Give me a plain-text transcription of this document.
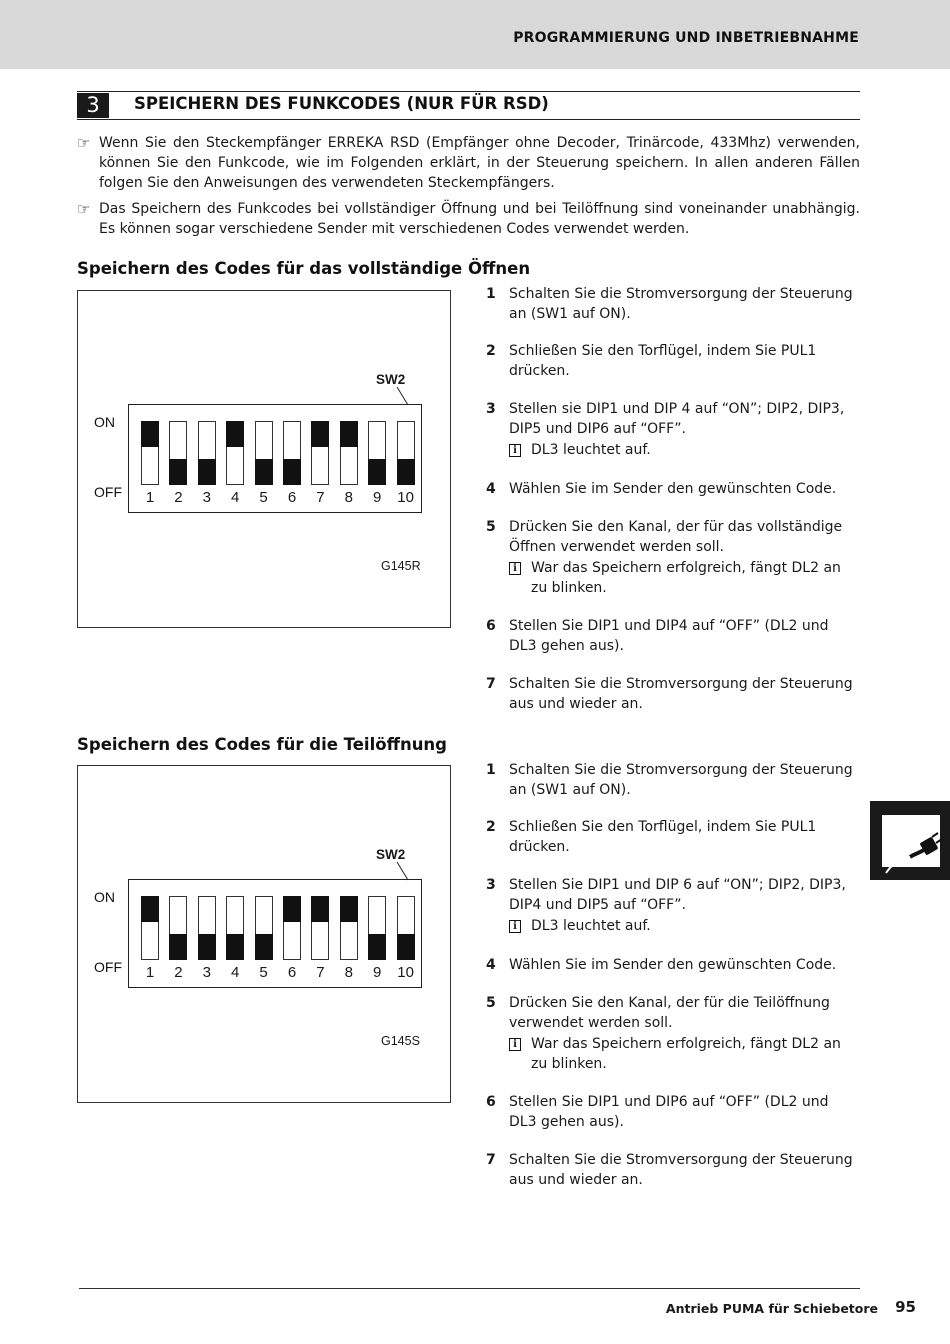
PROGRAMMIERUNG UND INBETRIEBNAHME
3	SPEICHERN DES FUNKCODES (NUR FÜR RSD)
☞ Wenn Sie den Steckempfänger ERREKA RSD (Empfänger ohne Decoder, Trinärcode, 433Mhz) verwenden, können Sie den Funkcode, wie im Folgenden erklärt, in der Steuerung speichern. In allen anderen Fällen folgen Sie den Anweisungen des verwendeten Steckempfängers.
☞ Das Speichern des Funkcodes bei vollständiger Öffnung und bei Teilöffnung sind voneinander unabhängig. Es können sogar verschiedene Sender mit verschiedenen Codes verwendet werden.
Speichern des Codes für das vollständige Öffnen
SW2
ON
OFF	1	2	3	4	5	6	7	8	9	10
G145R
1 Schalten Sie die Stromversorgung der Steuerung an (SW1 auf ON).
2 Schließen Sie den Torflügel, indem Sie PUL1 drücken.
3 Stellen sie DIP1 und DIP 4 auf “ON”; DIP2, DIP3, DIP5 und DIP6 auf “OFF”.
i DL3 leuchtet auf.
4 Wählen Sie im Sender den gewünschten Code.
5 Drücken Sie den Kanal, der für das vollständige Öffnen verwendet werden soll.
i War das Speichern erfolgreich, fängt DL2 an zu blinken.
6 Stellen Sie DIP1 und DIP4 auf “OFF” (DL2 und DL3 gehen aus).
7 Schalten Sie die Stromversorgung der Steuerung aus und wieder an.
Speichern des Codes für die Teilöffnung
SW2
ON
OFF	1	2	3	4	5	6	7	8	9	10
G145S
1 Schalten Sie die Stromversorgung der Steuerung an (SW1 auf ON).
2 Schließen Sie den Torflügel, indem Sie PUL1 drücken.
3 Stellen Sie DIP1 und DIP 6 auf “ON”; DIP2, DIP3, DIP4 und DIP5 auf “OFF”.
i DL3 leuchtet auf.
4 Wählen Sie im Sender den gewünschten Code.
5 Drücken Sie den Kanal, der für die Teilöffnung verwendet werden soll.
i War das Speichern erfolgreich, fängt DL2 an zu blinken.
6 Stellen Sie DIP1 und DIP6 auf “OFF” (DL2 und DL3 gehen aus).
7 Schalten Sie die Stromversorgung der Steuerung aus und wieder an.
Antrieb PUMA für Schiebetore 95
